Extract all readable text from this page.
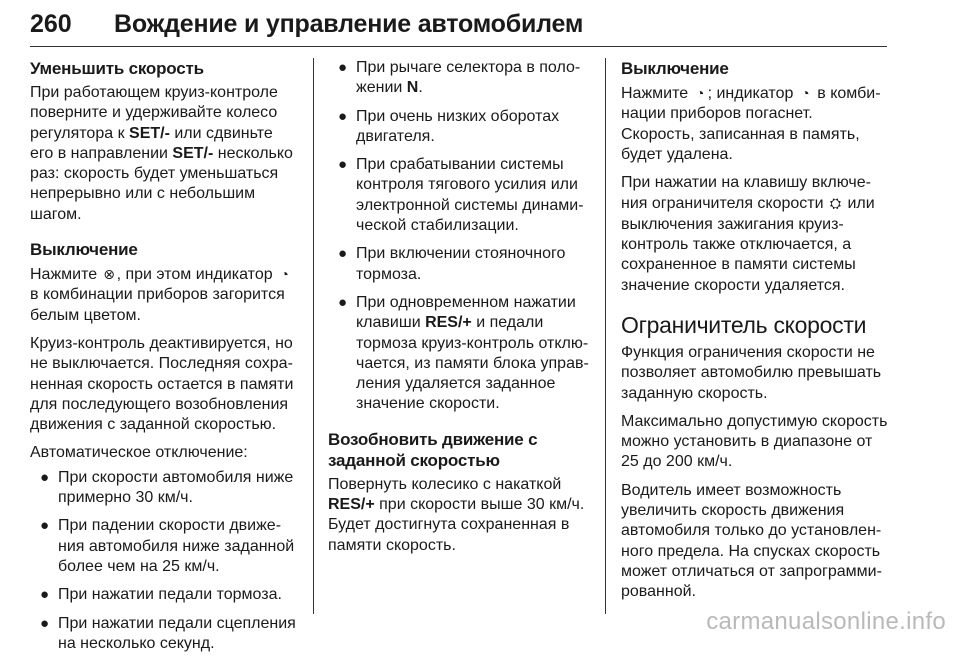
260 Вождение и управление автомобилем
Уменьшить скорость

При работающем круиз-контроле поверните и удерживайте колесо регулятора к SET/- или сдвиньте его в направлении SET/- несколько раз: скорость будет уменьшаться непрерывно или с небольшим шагом.

Выключение

Нажмите ⊗ , при этом индикатор ◔ в комбинации приборов загорится белым цветом.

Круиз-контроль деактивируется, но не выключается. Последняя сохраненная скорость остается в памяти для последующего возобновления движения с заданной скоростью.

Автоматическое отключение:

● При скорости автомобиля ниже примерно 30 км/ч.
● При падении скорости движения автомобиля ниже заданной более чем на 25 км/ч.
● При нажатии педали тормоза.
● При нажатии педали сцепления на несколько секунд.
● При рычаге селектора в положении N.
● При очень низких оборотах двигателя.
● При срабатывании системы контроля тягового усилия или электронной системы динамической стабилизации.
● При включении стояночного тормоза.
● При одновременном нажатии клавиши RES/+ и педали тормоза круиз-контроль отключается, из памяти блока управления удаляется заданное значение скорости.
Возобновить движение с заданной скоростью

Повернуть колесико с накаткой RES/+ при скорости выше 30 км/ч. Будет достигнута сохраненная в памяти скорость.

Выключение

Нажмите ◔ ; индикатор ◔ в комбинации приборов погаснет.

Скорость, записанная в память, будет удалена.

При нажатии на клавишу включения ограничителя скорости ⛭ или выключения зажигания круиз-контроль также отключается, а сохраненное в памяти системы значение скорости удаляется.

Ограничитель скорости

Функция ограничения скорости не позволяет автомобилю превышать заданную скорость.

Максимально допустимую скорость можно установить в диапазоне от 25 до 200 км/ч.

Водитель имеет возможность увеличить скорость движения автомобиля только до установленного предела. На спусках скорость может отличаться от запрограммированной.

carmanualsonline.info
